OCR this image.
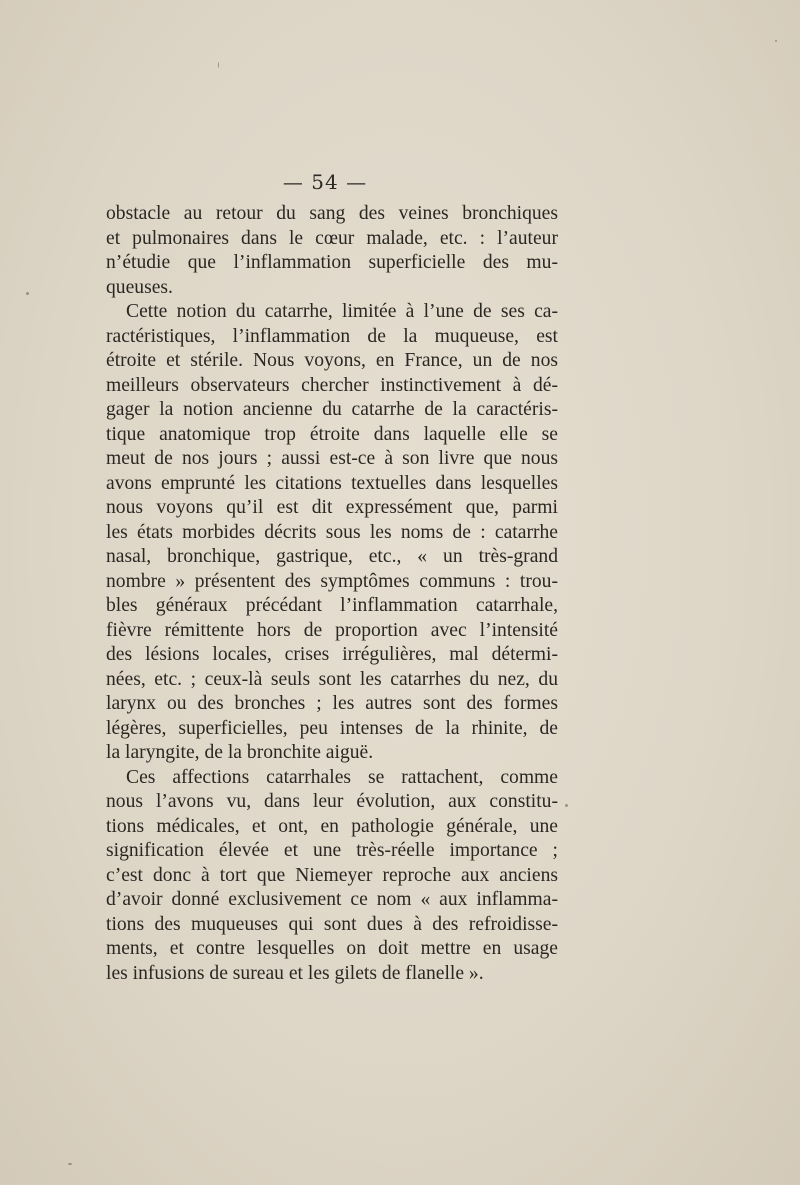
— 54 —
obstacle au retour du sang des veines bronchiques
et pulmonaires dans le cœur malade, etc. : l’auteur
n’étudie que l’inflammation superficielle des mu-
queuses.
Cette notion du catarrhe, limitée à l’une de ses ca-
ractéristiques, l’inflammation de la muqueuse, est
étroite et stérile. Nous voyons, en France, un de nos
meilleurs observateurs chercher instinctivement à dé-
gager la notion ancienne du catarrhe de la caractéris-
tique anatomique trop étroite dans laquelle elle se
meut de nos jours ; aussi est-ce à son livre que nous
avons emprunté les citations textuelles dans lesquelles
nous voyons qu’il est dit expressément que, parmi
les états morbides décrits sous les noms de : catarrhe
nasal, bronchique, gastrique, etc., « un très-grand
nombre » présentent des symptômes communs : trou-
bles généraux précédant l’inflammation catarrhale,
fièvre rémittente hors de proportion avec l’intensité
des lésions locales, crises irrégulières, mal détermi-
nées, etc. ; ceux-là seuls sont les catarrhes du nez, du
larynx ou des bronches ; les autres sont des formes
légères, superficielles, peu intenses de la rhinite, de
la laryngite, de la bronchite aiguë.
Ces affections catarrhales se rattachent, comme
nous l’avons vu, dans leur évolution, aux constitu-
tions médicales, et ont, en pathologie générale, une
signification élevée et une très-réelle importance ;
c’est donc à tort que Niemeyer reproche aux anciens
d’avoir donné exclusivement ce nom « aux inflamma-
tions des muqueuses qui sont dues à des refroidisse-
ments, et contre lesquelles on doit mettre en usage
les infusions de sureau et les gilets de flanelle ».
